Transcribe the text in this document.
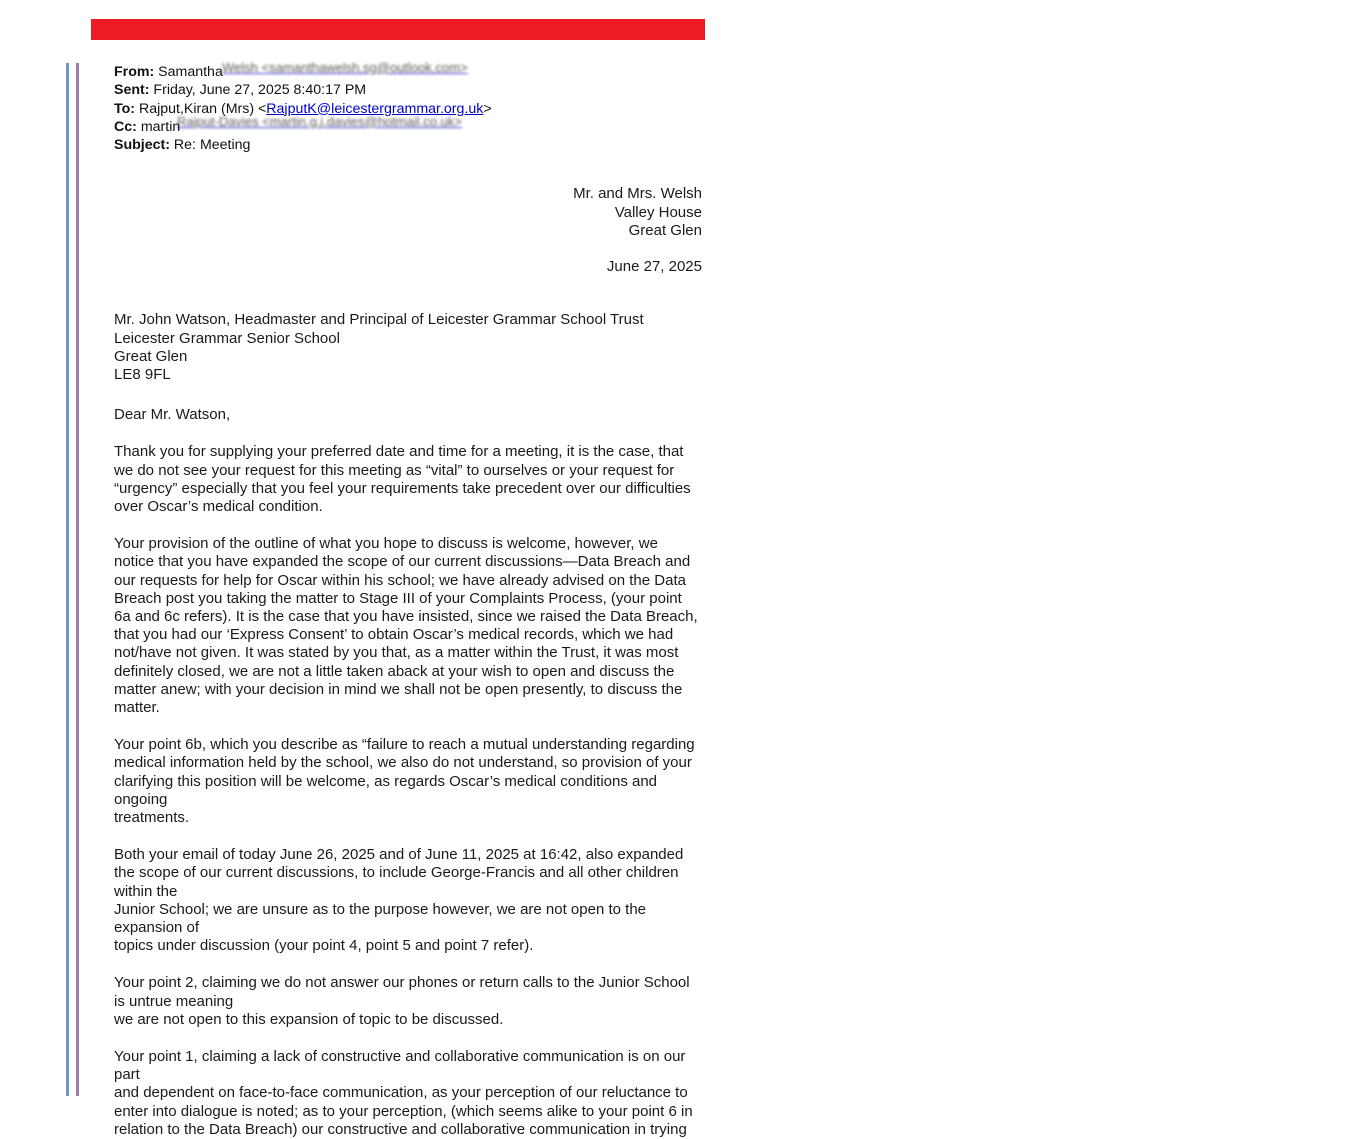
From: Samantha Welsh <samanthawelsh.sg@outlook.com>
Sent: Friday, June 27, 2025 8:40:17 PM
To: Rajput,Kiran (Mrs) <RajputK@leicestergrammar.org.uk>
Cc: martin
Rajput-Davies <martin.g.j.davies@hotmail.co.uk>
Subject: Re: Meeting
Mr. and Mrs. Welsh
Valley House
Great Glen
June 27, 2025
Mr. John Watson, Headmaster and Principal of Leicester Grammar School Trust
Leicester Grammar Senior School
Great Glen
LE8 9FL
Dear Mr. Watson,
Thank you for supplying your preferred date and time for a meeting, it is the case, that we do not see your request for this meeting as “vital” to ourselves or your request for “urgency” especially that you feel your requirements take precedent over our difficulties over Oscar’s medical condition.
Your provision of the outline of what you hope to discuss is welcome, however, we notice that you have expanded the scope of our current discussions—Data Breach and our requests for help for Oscar within his school; we have already advised on the Data Breach post you taking the matter to Stage III of your Complaints Process, (your point 6a and 6c refers). It is the case that you have insisted, since we raised the Data Breach, that you had our ‘Express Consent’ to obtain Oscar’s medical records, which we had not/have not given. It was stated by you that, as a matter within the Trust, it was most definitely closed, we are not a little taken aback at your wish to open and discuss the matter anew; with your decision in mind we shall not be open presently, to discuss the matter.
Your point 6b, which you describe as “failure to reach a mutual understanding regarding medical information held by the school, we also do not understand, so provision of your clarifying this position will be welcome, as regards Oscar’s medical conditions and ongoing
treatments.
Both your email of today June 26, 2025 and of June 11, 2025 at 16:42, also expanded the scope of our current discussions, to include George-Francis and all other children within the
Junior School; we are unsure as to the purpose however, we are not open to the expansion of
topics under discussion (your point 4, point 5 and point 7 refer).
Your point 2, claiming we do not answer our phones or return calls to the Junior School is untrue meaning
we are not open to this expansion of topic to be discussed.
Your point 1, claiming a lack of constructive and collaborative communication is on our part
and dependent on face-to-face communication, as your perception of our reluctance to enter into dialogue is noted; as to your perception, (which seems alike to your point 6 in relation to the Data Breach) our constructive and collaborative communication in trying
